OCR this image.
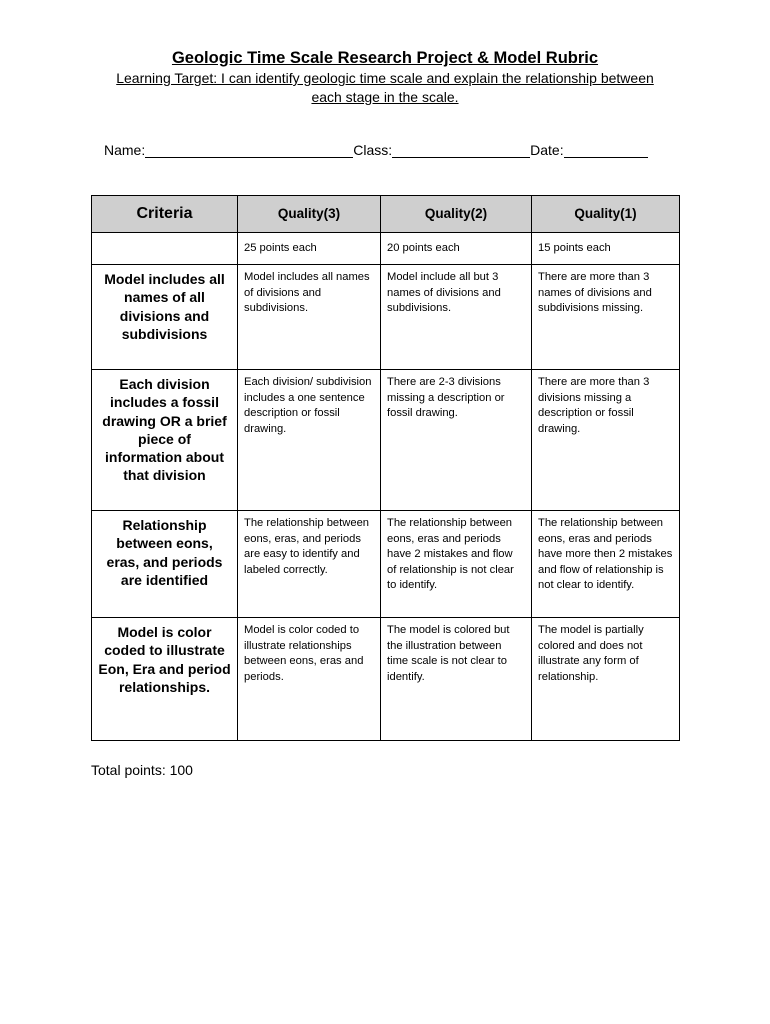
Geologic Time Scale Research Project & Model Rubric
Learning Target: I can identify geologic time scale and explain the relationship between each stage in the scale.
Name:	Class:	Date:
Criteria	Quality(3)	Quality(2)	Quality(1)
	25 points each	20 points each	15 points each
Model includes all names of all divisions and subdivisions	Model includes all names of divisions and subdivisions.	Model include all but 3 names of divisions and subdivisions.	There are more than 3 names of divisions and subdivisions missing.
Each division includes a fossil drawing OR a brief piece of information about that division	Each division/ subdivision includes a one sentence description or fossil drawing.	There are 2-3 divisions missing a description or fossil drawing.	There are more than 3 divisions missing a description or fossil drawing.
Relationship between eons, eras, and periods are identified	The relationship between eons, eras, and periods are easy to identify and labeled correctly.	The relationship between eons, eras and periods have 2 mistakes and flow of relationship is not clear to identify.	The relationship between eons, eras and periods have more then 2 mistakes and flow of relationship is not clear to identify.
Model is color coded to illustrate Eon, Era and period relationships.	Model is color coded to illustrate relationships between eons, eras and periods.	The model is colored but the illustration between time scale is not clear to identify.	The model is partially colored and does not illustrate any form of relationship.
Total points: 100
